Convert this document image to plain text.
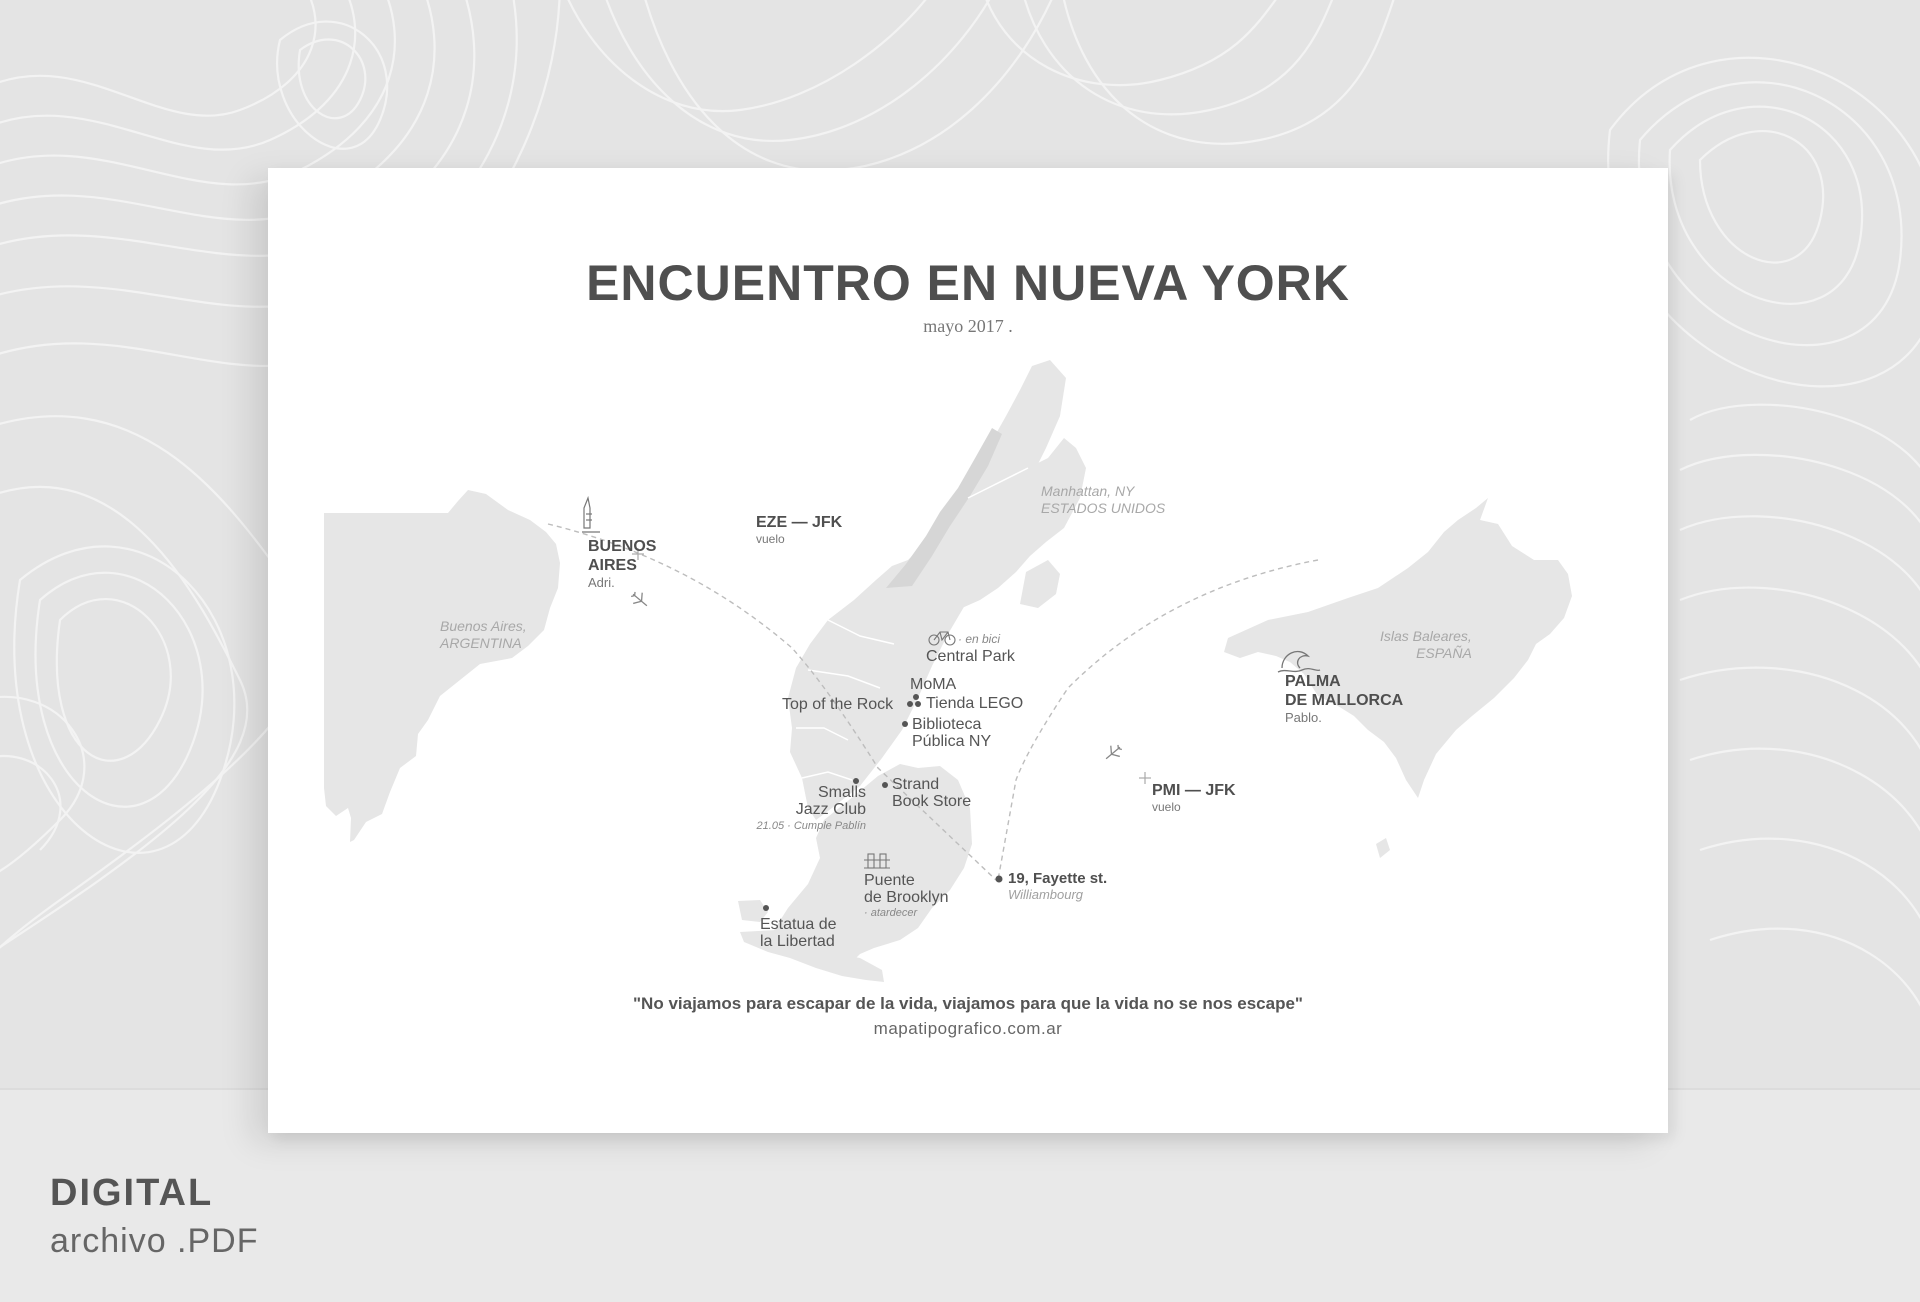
ENCUENTRO EN NUEVA YORK
mayo 2017 .
Buenos Aires,
ARGENTINA
Manhattan, NY
ESTADOS UNIDOS
Islas Baleares,
ESPAÑA
BUENOS
AIRES
Adri.
PALMA
DE MALLORCA
Pablo.
EZE — JFK
vuelo
PMI — JFK
vuelo
· en bici
Central Park
MoMA
Top of the Rock Tienda LEGO
Biblioteca
Pública NY
Strand
Book Store
Smalls
Jazz Club
21.05 · Cumple Pablín
Puente
de Brooklyn
· atardecer
Estatua de
la Libertad
19, Fayette st.
Williambourg
"No viajamos para escapar de la vida, viajamos para que la vida no se nos escape"
mapatipografico.com.ar
DIGITAL
archivo .PDF
